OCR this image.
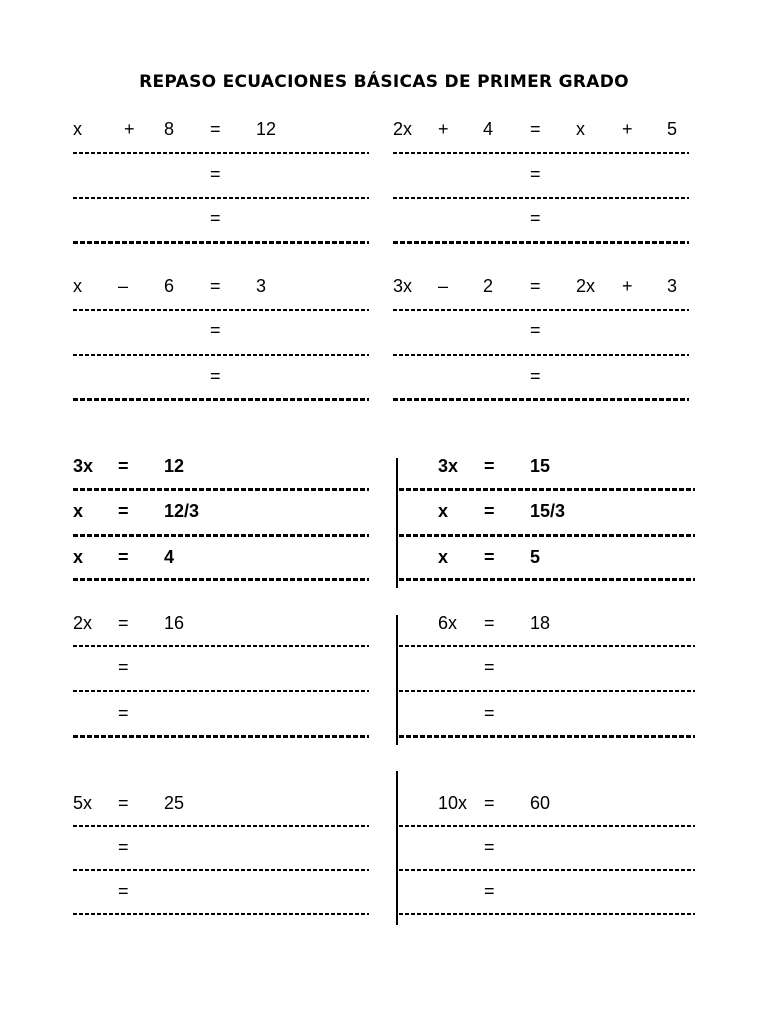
REPASO ECUACIONES BÁSICAS DE PRIMER GRADO
x + 8 = 12
=
=
2x + 4 = x + 5
=
=
x – 6 = 3
=
=
3x – 2 = 2x + 3
=
=
3x = 12
x = 12/3
x = 4
3x = 15
x = 15/3
x = 5
2x = 16
=
=
6x = 18
=
=
5x = 25
=
=
10x = 60
=
=
